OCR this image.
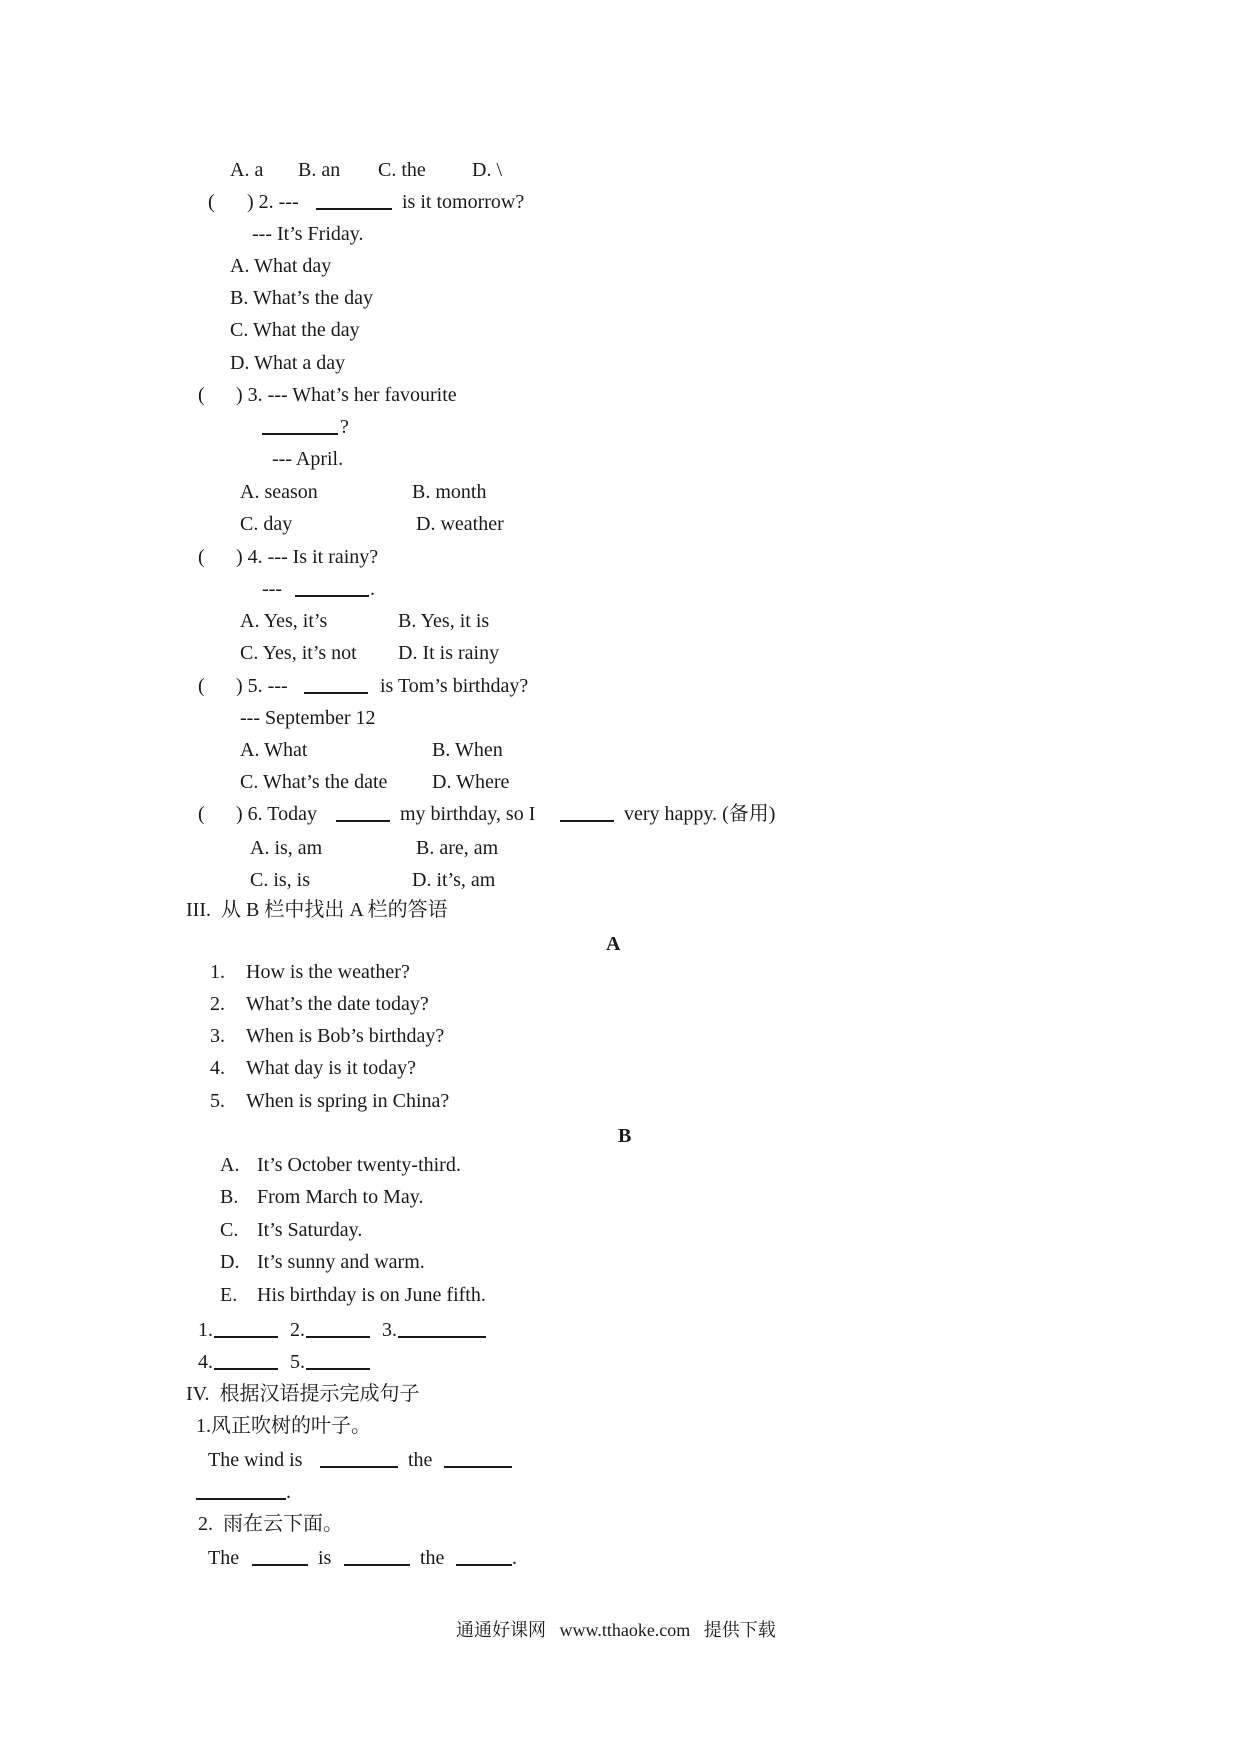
A. a B. an C. the D. \
( ) 2. ---	is it tomorrow?
--- It’s Friday.
A. What day
B. What’s the day
C. What the day
D. What a day
( ) 3. --- What’s her favourite
?
--- April.
A. season	B. month
C. day	D. weather
( ) 4. --- Is it rainy?
---	.
A. Yes, it’s	B. Yes, it is
C. Yes, it’s not D. It is rainy
( ) 5. ---	is Tom’s birthday?
--- September 12
A. What	B. When
C. What’s the date D. Where
( ) 6. Today	my birthday, so I	very happy. (备用)
A. is, am	B. are, am
C. is, is	D. it’s, am
III.  从 B 栏中找出 A 栏的答语
A
1. How is the weather?
2. What’s the date today?
3. When is Bob’s birthday?
4. What day is it today?
5. When is spring in China?
B
A. It’s October twenty-third.
B. From March to May.
C. It’s Saturday.
D. It’s sunny and warm.
E. His birthday is on June fifth.
1.	2.	3.
4.	5.
IV.  根据汉语提示完成句子
1.风正吹树的叶子。
The wind is	the
.
2.  雨在云下面。
The	is	the	.
通通好课网   www.tthaoke.com   提供下载
